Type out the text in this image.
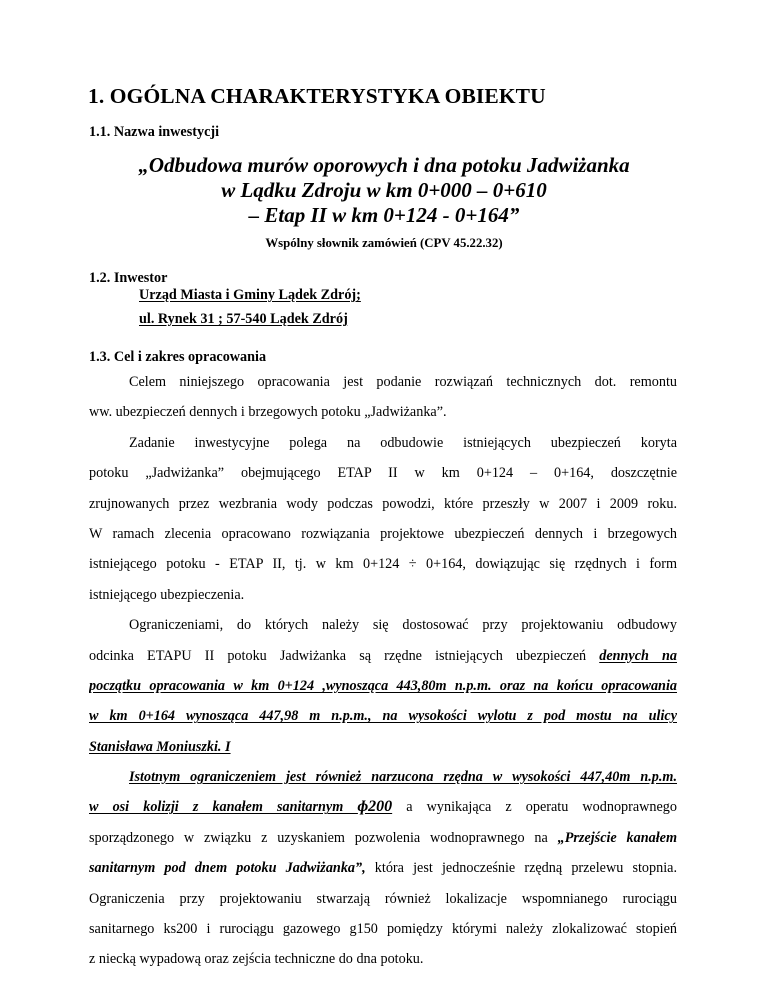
1. OGÓLNA CHARAKTERYSTYKA OBIEKTU
1.1. Nazwa inwestycji
„Odbudowa murów oporowych i dna potoku Jadwiżanka
w Lądku Zdroju w km 0+000 – 0+610
– Etap II w km 0+124 - 0+164”
Wspólny słownik zamówień (CPV 45.22.32)
1.2. Inwestor
Urząd Miasta i Gminy Lądek Zdrój;
ul. Rynek 31 ; 57-540 Lądek Zdrój
1.3. Cel i zakres opracowania
Celem niniejszego opracowania jest podanie rozwiązań technicznych dot. remontu
ww. ubezpieczeń dennych i brzegowych potoku „Jadwiżanka”.
Zadanie inwestycyjne polega na odbudowie istniejących ubezpieczeń koryta
potoku „Jadwiżanka” obejmującego ETAP II w km 0+124 – 0+164, doszczętnie
zrujnowanych przez wezbrania wody podczas powodzi, które przeszły w 2007 i 2009 roku.
W ramach zlecenia opracowano rozwiązania projektowe ubezpieczeń dennych i brzegowych
istniejącego potoku - ETAP II, tj. w km 0+124 ÷ 0+164, dowiązując się rzędnych i form
istniejącego ubezpieczenia.
Ograniczeniami, do których należy się dostosować przy projektowaniu odbudowy
odcinka ETAPU II potoku Jadwiżanka są rzędne istniejących ubezpieczeń dennych na
początku opracowania w km 0+124 ,wynosząca 443,80m n.p.m. oraz na końcu opracowania
w km 0+164 wynosząca 447,98 m n.p.m., na wysokości wylotu z pod mostu na ulicy
Stanisława Moniuszki. I
Istotnym ograniczeniem jest również narzucona rzędna w wysokości 447,40m n.p.m.
w osi kolizji z kanałem sanitarnym ɸ200 a wynikająca z operatu wodnoprawnego
sporządzonego w związku z uzyskaniem pozwolenia wodnoprawnego na „Przejście kanałem
sanitarnym pod dnem potoku Jadwiżanka”, która jest jednocześnie rzędną przelewu stopnia.
Ograniczenia przy projektowaniu stwarzają również lokalizacje wspomnianego rurociągu
sanitarnego ks200 i rurociągu gazowego g150 pomiędzy którymi należy zlokalizować stopień
z niecką wypadową oraz zejścia techniczne do dna potoku.
